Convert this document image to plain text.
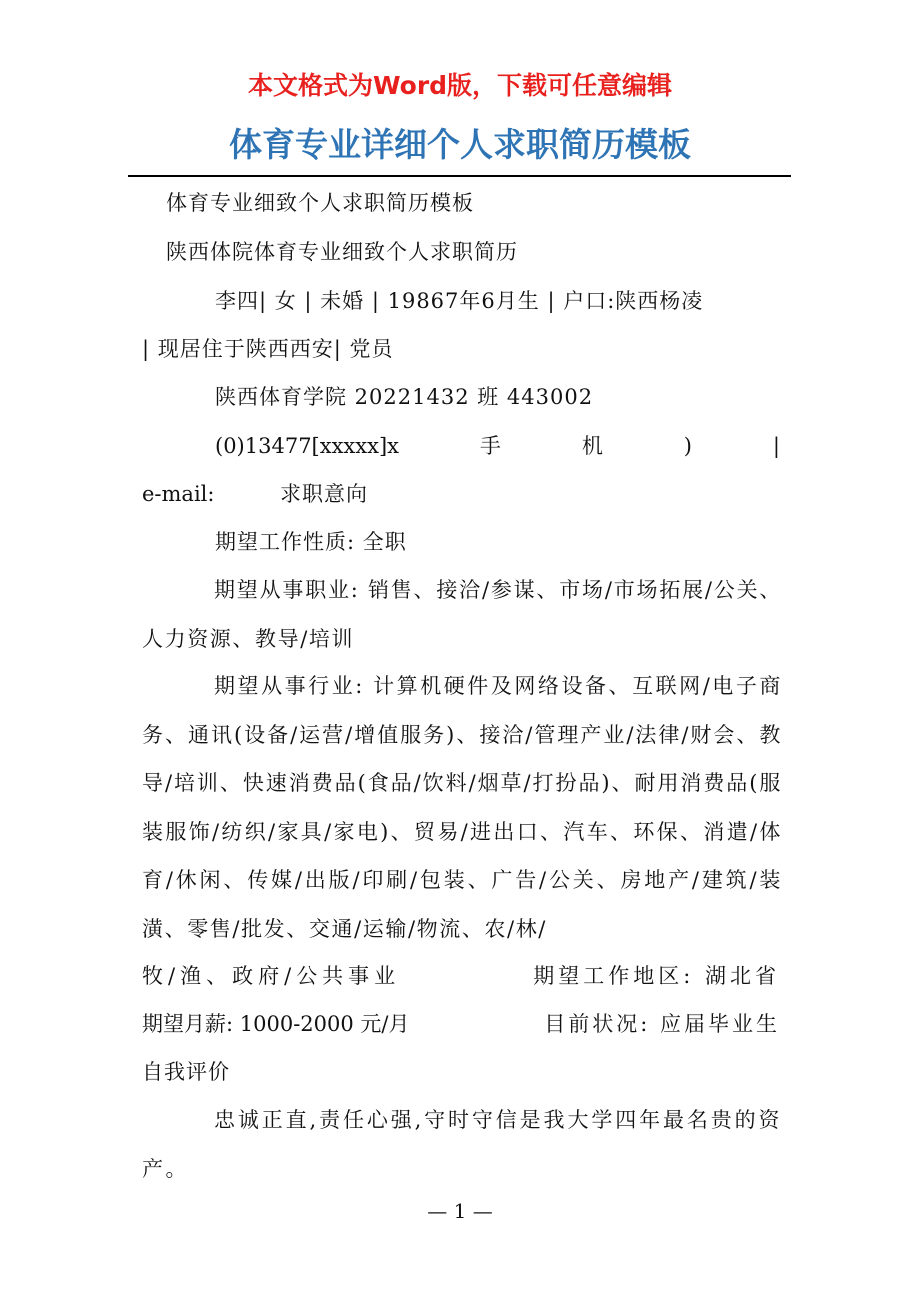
本文格式为Word版，下载可任意编辑
体育专业详细个人求职简历模板
体育专业细致个人求职简历模板
陕西体院体育专业细致个人求职简历
李四| 女 | 未婚 | 19867年6月生 | 户口:陕西杨凌
| 现居住于陕西西安| 党员
陕西体育学院 20221432 班 443002
(0)13477[xxxxx]x	手	机	)	|
e-mail:	求职意向
期望工作性质: 全职
期望从事职业: 销售、接洽/参谋、市场/市场拓展/公关、人力资源、教导/培训
期望从事行业: 计算机硬件及网络设备、互联网/电子商务、通讯(设备/运营/增值服务)、接洽/管理产业/法律/财会、教导/培训、快速消费品(食品/饮料/烟草/打扮品)、耐用消费品(服装服饰/纺织/家具/家电)、贸易/进出口、汽车、环保、消遣/体育/休闲、传媒/出版/印刷/包装、广告/公关、房地产/建筑/装潢、零售/批发、交通/运输/物流、农/林/
牧/渔、政府/公共事业	期望工作地区: 湖北省
期望月薪: 1000-2000 元/月	目前状况: 应届毕业生
自我评价
忠诚正直,责任心强,守时守信是我大学四年最名贵的资产。
— 1 —
